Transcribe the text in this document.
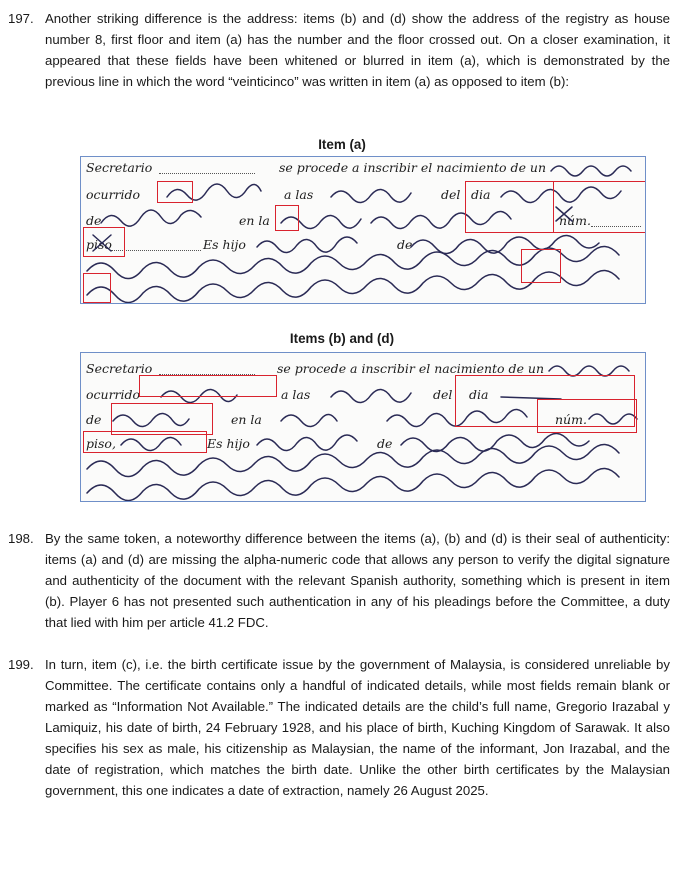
197. Another striking difference is the address: items (b) and (d) show the address of the registry as house number 8, first floor and item (a) has the number and the floor crossed out. On a closer examination, it appeared that these fields have been whitened or blurred in item (a), which is demonstrated by the previous line in which the word “veinticinco” was written in item (a) as opposed to item (b):
Item (a)
Secretario	se procede a inscribir el nacimiento de un
ocurrido	a las	del dia
de	en la	núm.
piso	Es hijo	de
Items (b) and (d)
Secretario	se procede a inscribir el nacimiento de un
ocurrido	a las	del dia
de	en la	núm.
piso,	Es hijo	de
198. By the same token, a noteworthy difference between the items (a), (b) and (d) is their seal of authenticity: items (a) and (d) are missing the alpha-numeric code that allows any person to verify the digital signature and authenticity of the document with the relevant Spanish authority, something which is present in item (b). Player 6 has not presented such authentication in any of his pleadings before the Committee, a duty that lied with him per article 41.2 FDC.
199. In turn, item (c), i.e. the birth certificate issue by the government of Malaysia, is considered unreliable by Committee. The certificate contains only a handful of indicated details, while most fields remain blank or marked as “Information Not Available.” The indicated details are the child’s full name, Gregorio Irazabal y Lamiquiz, his date of birth, 24 February 1928, and his place of birth, Kuching Kingdom of Sarawak. It also specifies his sex as male, his citizenship as Malaysian, the name of the informant, Jon Irazabal, and the date of registration, which matches the birth date. Unlike the other birth certificates by the Malaysian government, this one indicates a date of extraction, namely 26 August 2025.
